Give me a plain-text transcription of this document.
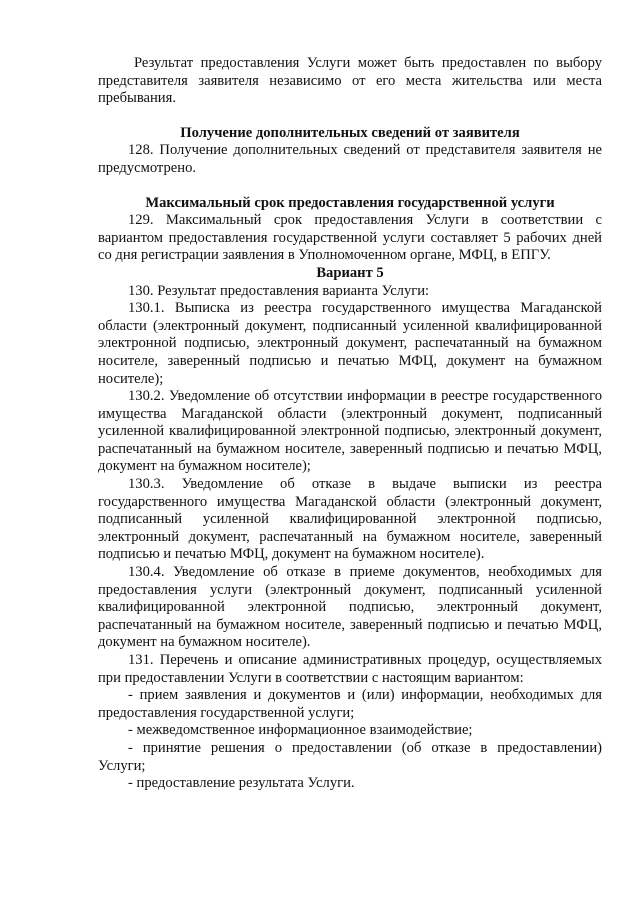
Результат предоставления Услуги может быть предоставлен по выбору представителя заявителя независимо от его места жительства или места пребывания.

Получение дополнительных сведений от заявителя

128. Получение дополнительных сведений от представителя заявителя не предусмотрено.

Максимальный срок предоставления государственной услуги

129. Максимальный срок предоставления Услуги в соответствии с вариантом предоставления государственной услуги составляет 5 рабочих дней со дня регистрации заявления в Уполномоченном органе, МФЦ, в ЕПГУ.

Вариант 5

130. Результат предоставления варианта Услуги:

130.1. Выписка из реестра государственного имущества Магаданской области (электронный документ, подписанный усиленной квалифицированной электронной подписью, электронный документ, распечатанный на бумажном носителе, заверенный подписью и печатью МФЦ, документ на бумажном носителе);

130.2. Уведомление об отсутствии информации в реестре государственного имущества Магаданской области (электронный документ, подписанный усиленной квалифицированной электронной подписью, электронный документ, распечатанный на бумажном носителе, заверенный подписью и печатью МФЦ, документ на бумажном носителе);

130.3. Уведомление об отказе в выдаче выписки из реестра государственного имущества Магаданской области (электронный документ, подписанный усиленной квалифицированной электронной подписью, электронный документ, распечатанный на бумажном носителе, заверенный подписью и печатью МФЦ, документ на бумажном носителе).

130.4. Уведомление об отказе в приеме документов, необходимых для предоставления услуги (электронный документ, подписанный усиленной квалифицированной электронной подписью, электронный документ, распечатанный на бумажном носителе, заверенный подписью и печатью МФЦ, документ на бумажном носителе).

131. Перечень и описание административных процедур, осуществляемых при предоставлении Услуги в соответствии с настоящим вариантом:

- прием заявления и документов и (или) информации, необходимых для предоставления государственной услуги;

- межведомственное информационное взаимодействие;

- принятие решения о предоставлении (об отказе в предоставлении) Услуги;

- предоставление результата Услуги.
